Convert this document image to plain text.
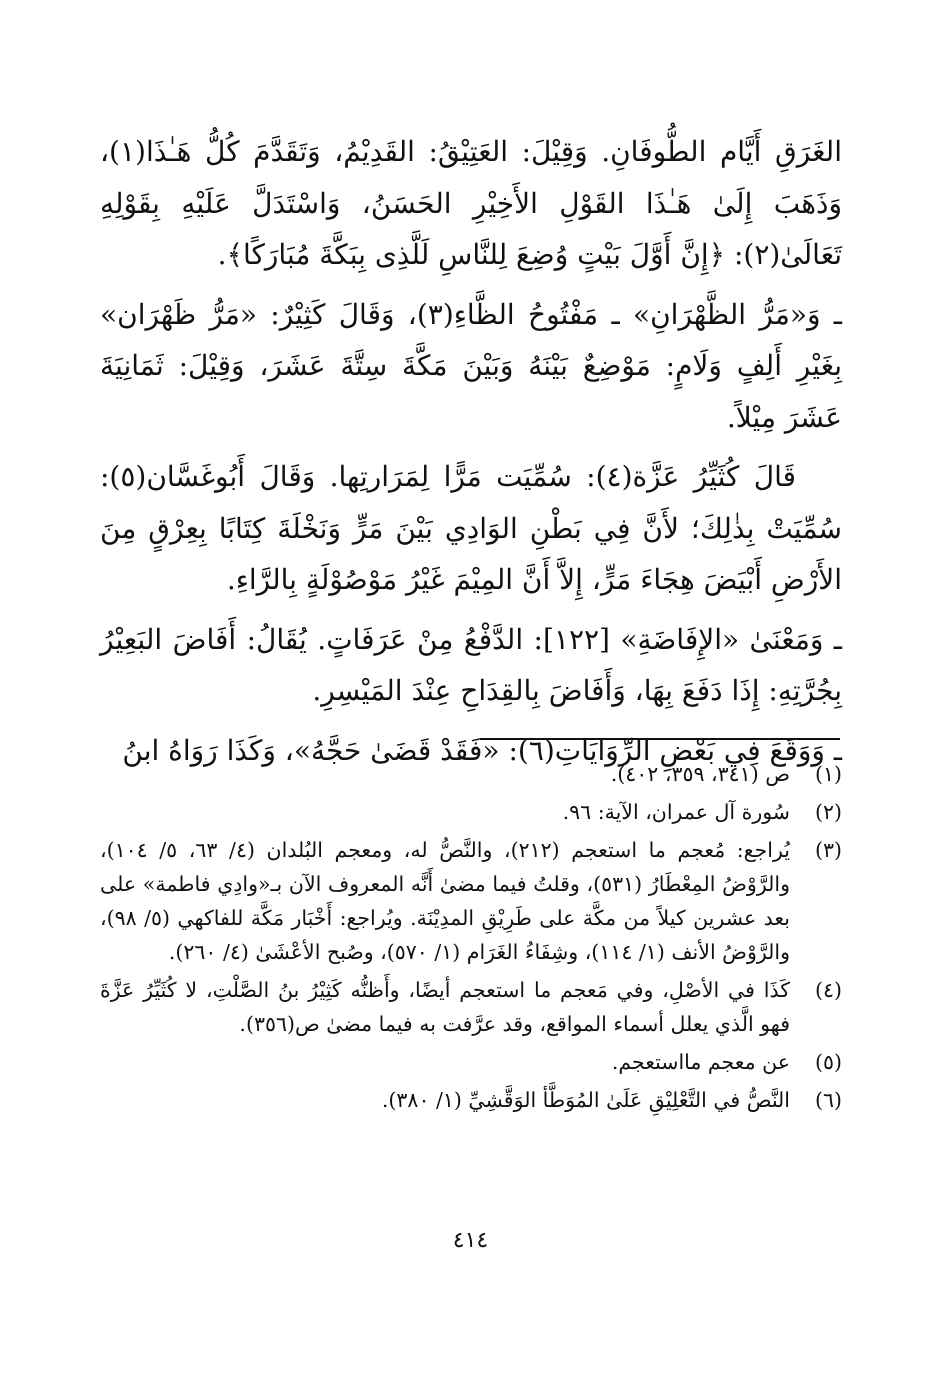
الغَرَقِ أَيَّام الطُّوفَانِ. وَقِيْلَ: العَتِيْقُ: القَدِيْمُ، وَتَقَدَّمَ كُلُّ هَـٰذَا(١)، وَذَهَبَ إِلَىٰ هَـٰذَا القَوْلِ الأَخِيْرِ الحَسَنُ، وَاسْتَدَلَّ عَلَيْهِ بِقَوْلِهِ تَعَالَىٰ(٢): ﴿إِنَّ أَوَّلَ بَيْتٍ وُضِعَ لِلنَّاسِ لَلَّذِى بِبَكَّةَ مُبَارَكًا﴾.

ـ وَ«مَرُّ الظَّهْرَانِ» ـ مَفْتُوحُ الظَّاءِ(٣)، وَقَالَ كَثِيْرٌ: «مَرُّ ظَهْرَان» بِغَيْرِ أَلِفٍ وَلَامٍ: مَوْضِعٌ بَيْنَهُ وَبَيْنَ مَكَّةَ سِتَّةَ عَشَرَ، وَقِيْلَ: ثَمَانِيَةَ عَشَرَ مِيْلاً.

قَالَ كُثَيِّرُ عَزَّة(٤): سُمِّيَت مَرًّا لِمَرَارتِها. وَقَالَ أَبُوغَسَّان(٥): سُمِّيَتْ بِذٰلِكَ؛ لأَنَّ فِي بَطْنِ الوَادِي بَيْنَ مَرٍّ وَنَخْلَةَ كِتَابًا بِعِرْقٍ مِنَ الأَرْضِ أَبْيَضَ هِجَاءَ مَرٍّ، إِلاَّ أَنَّ المِيْمَ غَيْرُ مَوْصُوْلَةٍ بِالرَّاءِ.

ـ وَمَعْنَىٰ «الإِفَاضَةِ» [١٢٢]: الدَّفْعُ مِنْ عَرَفَاتٍ. يُقَالُ: أَفَاضَ البَعِيْرُ بِجُرَّتِهِ: إِذَا دَفَعَ بِهَا، وَأَفَاضَ بِالقِدَاحِ عِنْدَ المَيْسِرِ.

ـ وَوَقَعَ فِي بَعْضِ الرِّوَايَاتِ(٦): «فَقَدْ قَضَىٰ حَجَّهُ»، وَكَذَا رَوَاهُ ابنُ

(١)
ص (٣٤١، ٣٥٩، ٤٠٢).
(٢)
سُورة آل عمران، الآية: ٩٦.
(٣)
يُراجع: مُعجم ما استعجم (٢١٢)، والنَّصُّ له، ومعجم البُلدان (٤/ ٦٣، ٥/ ١٠٤)، والرَّوْضُ المِعْطَارُ (٥٣١)، وقلتُ فيما مضىٰ أَنَّه المعروف الآن بـ«وادِي فاطمة» على بعد عشرين كيلاً من مكَّة على طَرِيْقِ المدِيْنَة. ويُراجع: أَخْبَار مَكَّة للفاكهي (٥/ ٩٨)، والرَّوْضُ الأنف (١/ ١١٤)، وشِفَاءُ الغَرَام (١/ ٥٧٠)، وصُبح الأعْشَىٰ (٤/ ٢٦٠).
(٤)
كَذَا في الأصْلِ، وفي مَعجم ما استعجم أيضًا، وأَظنُّه كَثِيْرُ بنُ الصَّلْتِ، لا كُثَيِّرُ عَزَّةَ فهو الَّذي يعلل أسماء المواقع، وقد عرَّفت به فيما مضىٰ ص(٣٥٦).
(٥)
عن معجم مااستعجم.
(٦)
النَّصُّ في التَّعْلِيْقِ عَلَىٰ المُوَطَّأ الوَقَّشِيِّ (١/ ٣٨٠).
٤١٤
